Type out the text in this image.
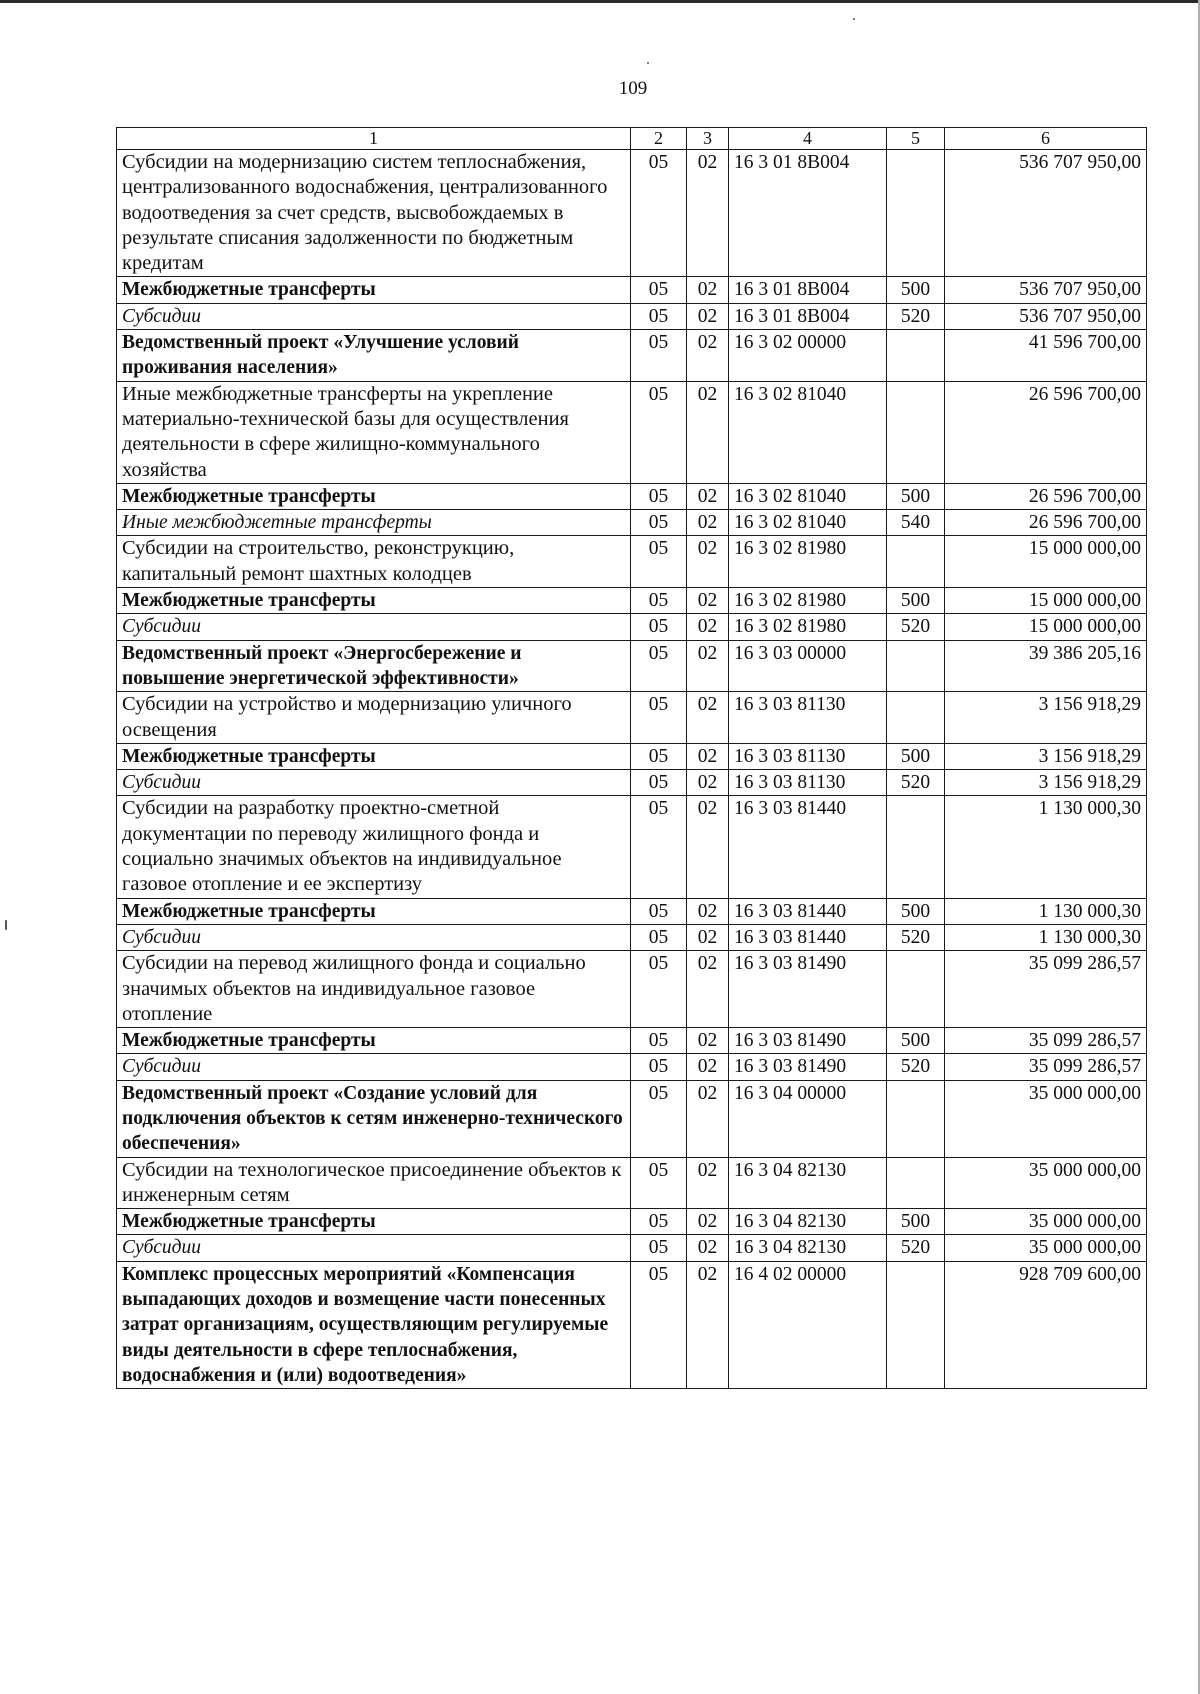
109
1	2	3	4	5	6
Субсидии на модернизацию систем теплоснабжения, централизованного водоснабжения, централизованного водоотведения за счет средств, высвобождаемых в результате списания задолженности по бюджетным кредитам	05	02	16 3 01 8B004		536 707 950,00
Межбюджетные трансферты	05	02	16 3 01 8B004	500	536 707 950,00
Субсидии	05	02	16 3 01 8B004	520	536 707 950,00
Ведомственный проект «Улучшение условий проживания населения»	05	02	16 3 02 00000		41 596 700,00
Иные межбюджетные трансферты на укрепление материально-технической базы для осуществления деятельности в сфере жилищно-коммунального хозяйства	05	02	16 3 02 81040		26 596 700,00
Межбюджетные трансферты	05	02	16 3 02 81040	500	26 596 700,00
Иные межбюджетные трансферты	05	02	16 3 02 81040	540	26 596 700,00
Субсидии на строительство, реконструкцию, капитальный ремонт шахтных колодцев	05	02	16 3 02 81980		15 000 000,00
Межбюджетные трансферты	05	02	16 3 02 81980	500	15 000 000,00
Субсидии	05	02	16 3 02 81980	520	15 000 000,00
Ведомственный проект «Энергосбережение и повышение энергетической эффективности»	05	02	16 3 03 00000		39 386 205,16
Субсидии на устройство и модернизацию уличного освещения	05	02	16 3 03 81130		3 156 918,29
Межбюджетные трансферты	05	02	16 3 03 81130	500	3 156 918,29
Субсидии	05	02	16 3 03 81130	520	3 156 918,29
Субсидии на разработку проектно-сметной документации по переводу жилищного фонда и социально значимых объектов на индивидуальное газовое отопление и ее экспертизу	05	02	16 3 03 81440		1 130 000,30
Межбюджетные трансферты	05	02	16 3 03 81440	500	1 130 000,30
Субсидии	05	02	16 3 03 81440	520	1 130 000,30
Субсидии на перевод жилищного фонда и социально значимых объектов на индивидуальное газовое отопление	05	02	16 3 03 81490		35 099 286,57
Межбюджетные трансферты	05	02	16 3 03 81490	500	35 099 286,57
Субсидии	05	02	16 3 03 81490	520	35 099 286,57
Ведомственный проект «Создание условий для подключения объектов к сетям инженерно-технического обеспечения»	05	02	16 3 04 00000		35 000 000,00
Субсидии на технологическое присоединение объектов к инженерным сетям	05	02	16 3 04 82130		35 000 000,00
Межбюджетные трансферты	05	02	16 3 04 82130	500	35 000 000,00
Субсидии	05	02	16 3 04 82130	520	35 000 000,00
Комплекс процессных мероприятий «Компенсация выпадающих доходов и возмещение части понесенных затрат организациям, осуществляющим регулируемые виды деятельности в сфере теплоснабжения, водоснабжения и (или) водоотведения»	05	02	16 4 02 00000		928 709 600,00
